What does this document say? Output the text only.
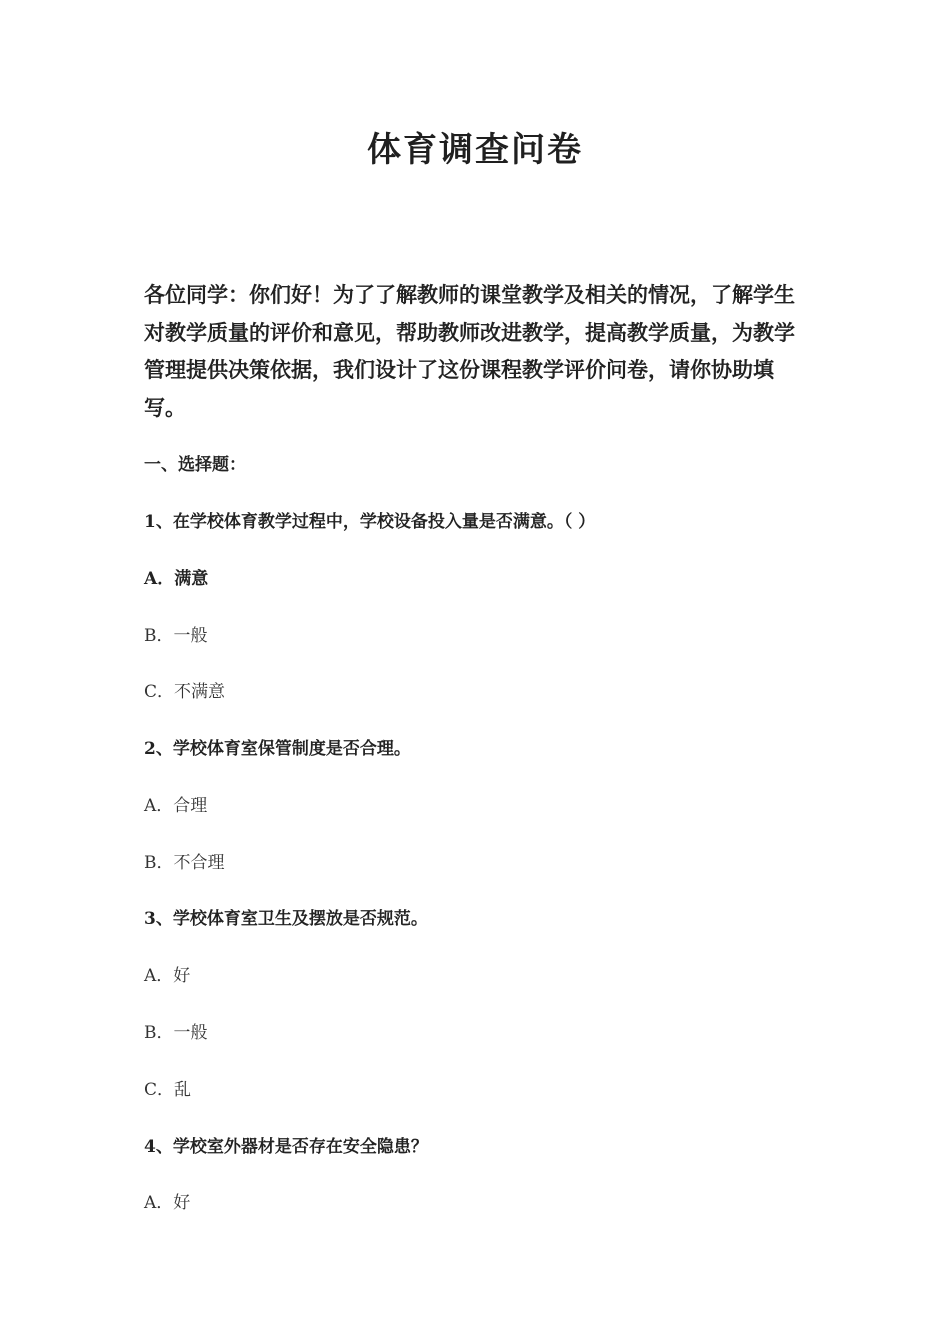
体育调查问卷

各位同学：你们好！为了了解教师的课堂教学及相关的情况，了解学生对教学质量的评价和意见，帮助教师改进教学，提高教学质量，为教学管理提供决策依据，我们设计了这份课程教学评价问卷，请你协助填写。

一、选择题：
1、在学校体育教学过程中，学校设备投入量是否满意。（ ）
A．满意
B．一般
C．不满意
2、学校体育室保管制度是否合理。
A．合理
B．不合理
3、学校体育室卫生及摆放是否规范。
A．好
B．一般
C．乱
4、学校室外器材是否存在安全隐患？
A．好
